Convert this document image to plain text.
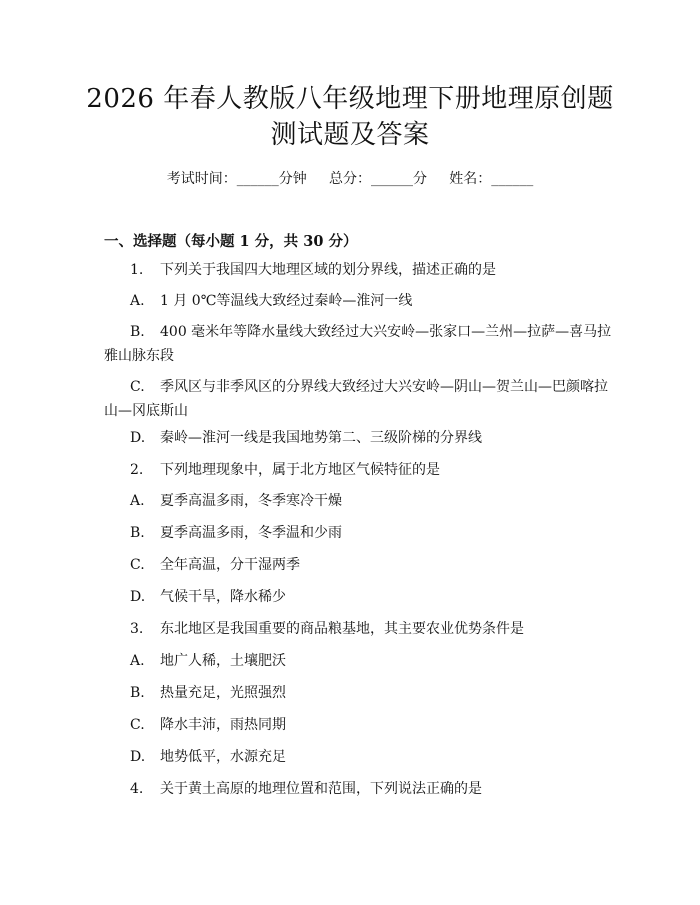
2026 年春人教版八年级地理下册地理原创题
测试题及答案
考试时间：______分钟     总分：______分     姓名：______
一、选择题（每小题 1 分，共 30 分）
1.	下列关于我国四大地理区域的划分界线，描述正确的是
A.	1 月 0℃等温线大致经过秦岭—淮河一线
B.	400 毫米年等降水量线大致经过大兴安岭—张家口—兰州—拉萨—喜马拉
雅山脉东段
C.	季风区与非季风区的分界线大致经过大兴安岭—阴山—贺兰山—巴颜喀拉
山—冈底斯山
D.	秦岭—淮河一线是我国地势第二、三级阶梯的分界线
2.	下列地理现象中，属于北方地区气候特征的是
A.	夏季高温多雨，冬季寒冷干燥
B.	夏季高温多雨，冬季温和少雨
C.	全年高温，分干湿两季
D.	气候干旱，降水稀少
3.	东北地区是我国重要的商品粮基地，其主要农业优势条件是
A.	地广人稀，土壤肥沃
B.	热量充足，光照强烈
C.	降水丰沛，雨热同期
D.	地势低平，水源充足
4.	关于黄土高原的地理位置和范围，下列说法正确的是
